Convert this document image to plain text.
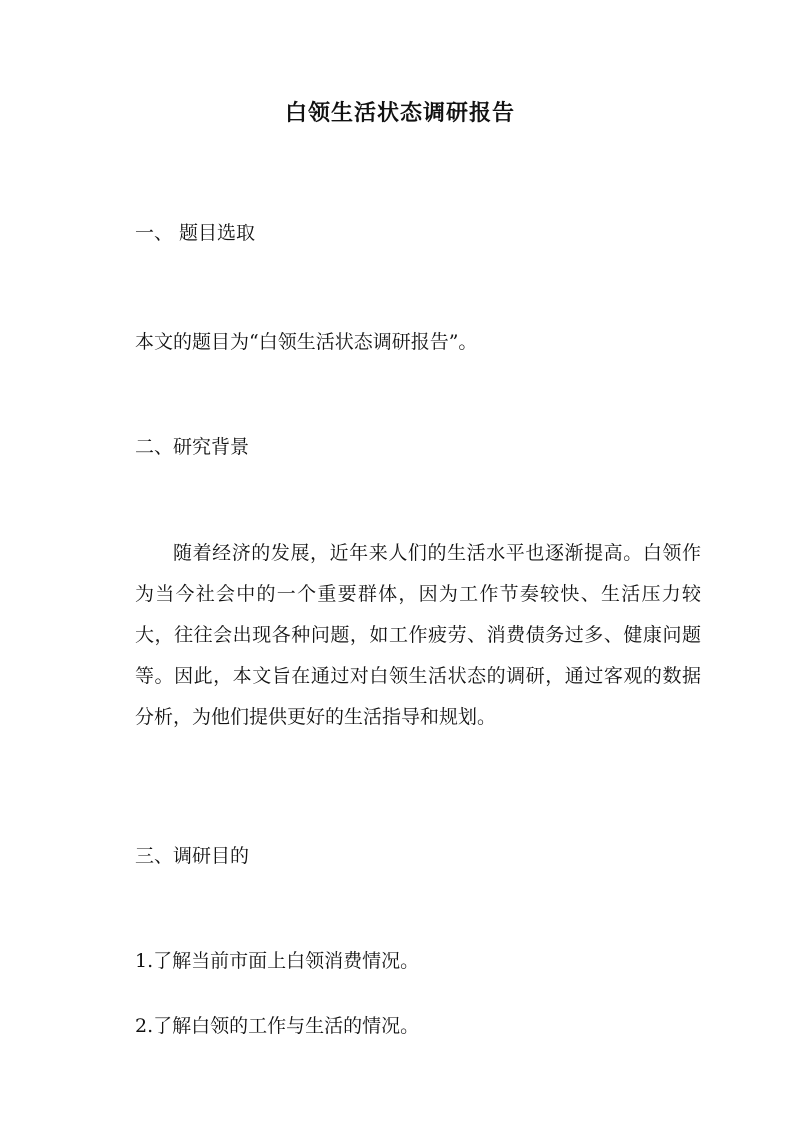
白领生活状态调研报告
一、 题目选取
本文的题目为“白领生活状态调研报告”。
二、研究背景
随着经济的发展，近年来人们的生活水平也逐渐提高。白领作为当今社会中的一个重要群体，因为工作节奏较快、生活压力较大，往往会出现各种问题，如工作疲劳、消费债务过多、健康问题等。因此，本文旨在通过对白领生活状态的调研，通过客观的数据分析，为他们提供更好的生活指导和规划。
三、调研目的
1.了解当前市面上白领消费情况。
2.了解白领的工作与生活的情况。
